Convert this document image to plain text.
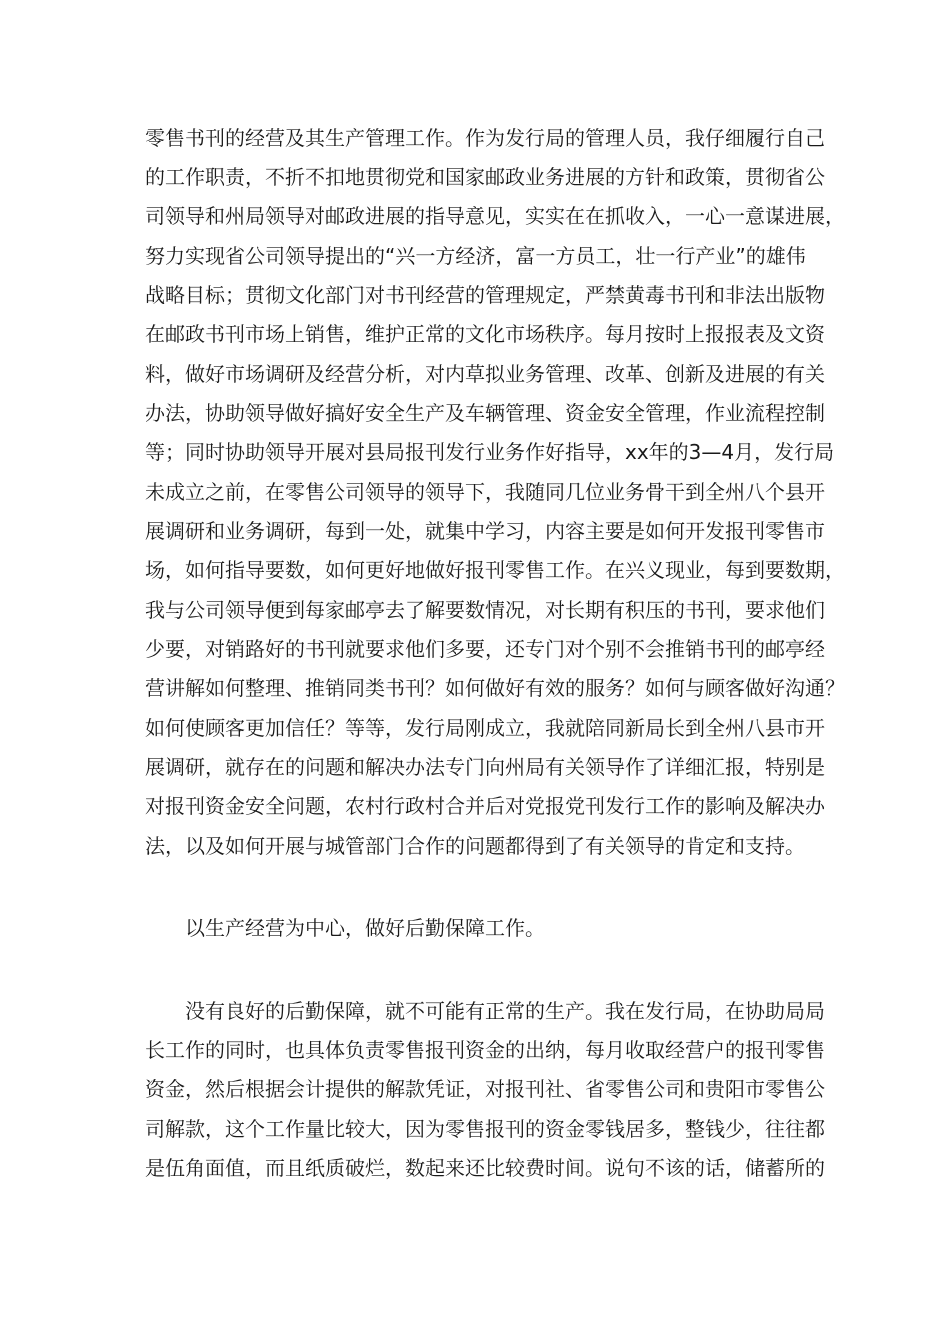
零售书刊的经营及其生产管理工作。作为发行局的管理人员，我仔细履行自己
的工作职责，不折不扣地贯彻党和国家邮政业务进展的方针和政策，贯彻省公
司领导和州局领导对邮政进展的指导意见，实实在在抓收入，一心一意谋进展，
努力实现省公司领导提出的“兴一方经济，富一方员工，壮一行产业”的雄伟
战略目标；贯彻文化部门对书刊经营的管理规定，严禁黄毒书刊和非法出版物
在邮政书刊市场上销售，维护正常的文化市场秩序。每月按时上报报表及文资
料，做好市场调研及经营分析，对内草拟业务管理、改革、创新及进展的有关
办法，协助领导做好搞好安全生产及车辆管理、资金安全管理，作业流程控制
等；同时协助领导开展对县局报刊发行业务作好指导，xx年的3—4月，发行局
未成立之前，在零售公司领导的领导下，我随同几位业务骨干到全州八个县开
展调研和业务调研，每到一处，就集中学习，内容主要是如何开发报刊零售市
场，如何指导要数，如何更好地做好报刊零售工作。在兴义现业，每到要数期，
我与公司领导便到每家邮亭去了解要数情况，对长期有积压的书刊，要求他们
少要，对销路好的书刊就要求他们多要，还专门对个别不会推销书刊的邮亭经
营讲解如何整理、推销同类书刊？如何做好有效的服务？如何与顾客做好沟通？
如何使顾客更加信任？等等，发行局刚成立，我就陪同新局长到全州八县市开
展调研，就存在的问题和解决办法专门向州局有关领导作了详细汇报，特别是
对报刊资金安全问题，农村行政村合并后对党报党刊发行工作的影响及解决办
法，以及如何开展与城管部门合作的问题都得到了有关领导的肯定和支持。
以生产经营为中心，做好后勤保障工作。
没有良好的后勤保障，就不可能有正常的生产。我在发行局，在协助局局
长工作的同时，也具体负责零售报刊资金的出纳，每月收取经营户的报刊零售
资金，然后根据会计提供的解款凭证，对报刊社、省零售公司和贵阳市零售公
司解款，这个工作量比较大，因为零售报刊的资金零钱居多，整钱少，往往都
是伍角面值，而且纸质破烂，数起来还比较费时间。说句不该的话，储蓄所的
